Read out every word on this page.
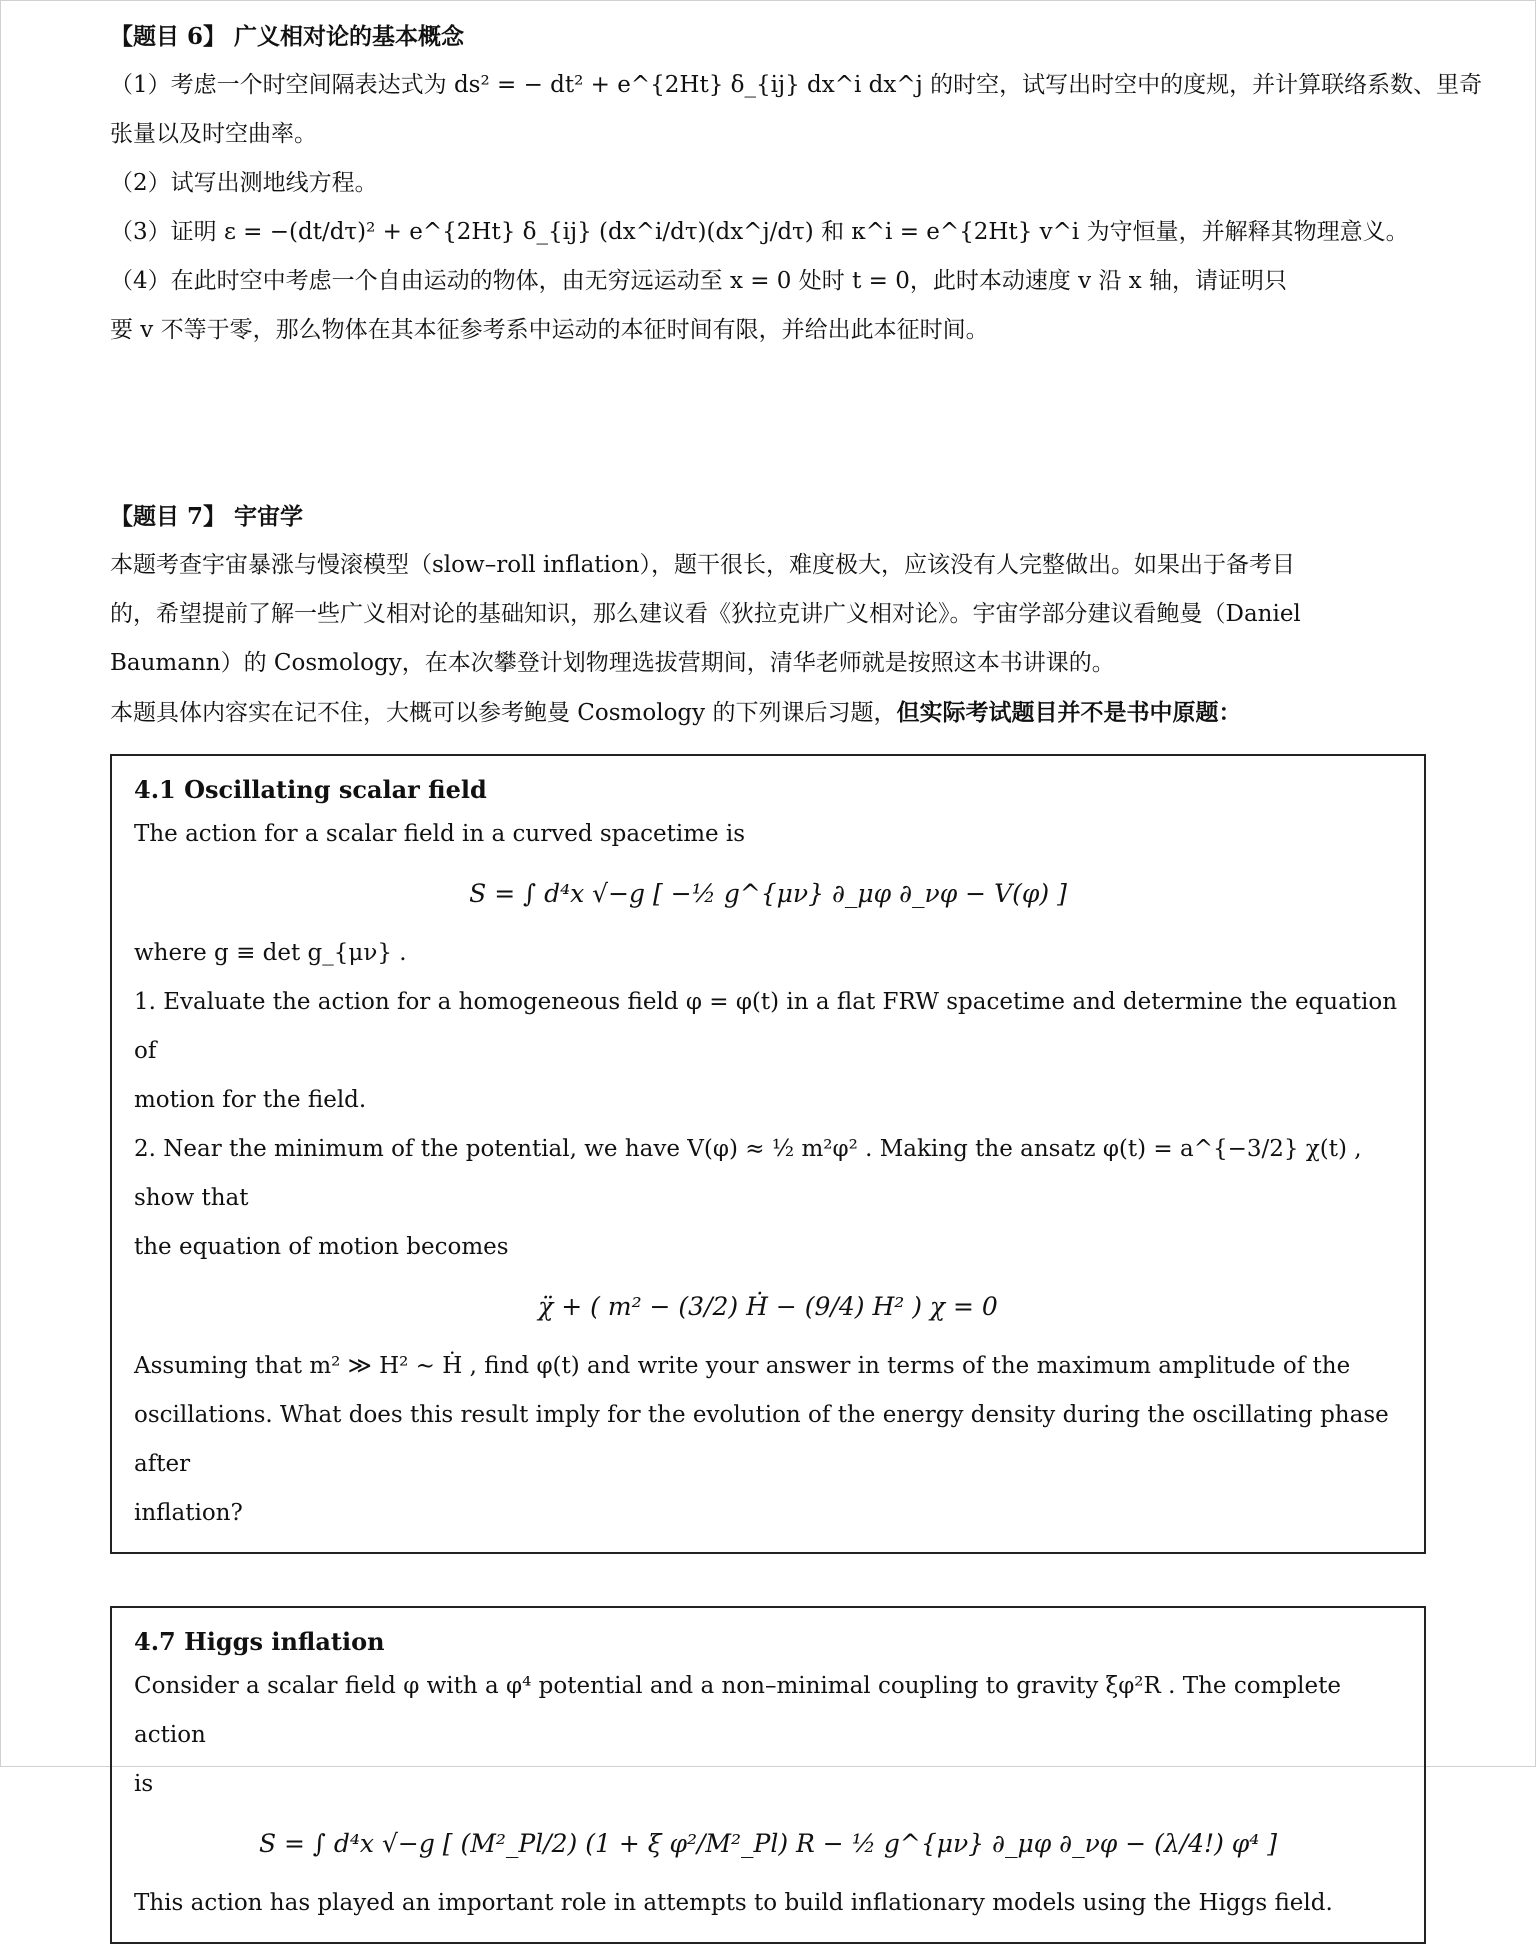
【题目 6】 广义相对论的基本概念
（1）考虑一个时空间隔表达式为 ds² = − dt² + e^{2Ht} δ_{ij} dx^i dx^j 的时空，试写出时空中的度规，并计算联络系数、里奇
张量以及时空曲率。
（2）试写出测地线方程。
（3）证明 ε = −(dt/dτ)² + e^{2Ht} δ_{ij} (dx^i/dτ)(dx^j/dτ) 和 κ^i = e^{2Ht} v^i 为守恒量，并解释其物理意义。
（4）在此时空中考虑一个自由运动的物体，由无穷远运动至 x = 0 处时 t = 0，此时本动速度 v 沿 x 轴，请证明只
要 v 不等于零，那么物体在其本征参考系中运动的本征时间有限，并给出此本征时间。
【题目 7】 宇宙学
本题考查宇宙暴涨与慢滚模型（slow–roll inflation），题干很长，难度极大，应该没有人完整做出。如果出于备考目
的，希望提前了解一些广义相对论的基础知识，那么建议看《狄拉克讲广义相对论》。宇宙学部分建议看鲍曼（Daniel
Baumann）的 Cosmology，在本次攀登计划物理选拔营期间，清华老师就是按照这本书讲课的。
本题具体内容实在记不住，大概可以参考鲍曼 Cosmology 的下列课后习题，但实际考试题目并不是书中原题：
4.1 Oscillating scalar field
The action for a scalar field in a curved spacetime is
S = ∫ d⁴x √−g [ −½ g^{μν} ∂_μφ ∂_νφ − V(φ) ]
where g ≡ det g_{μν} .
1. Evaluate the action for a homogeneous field φ = φ(t) in a flat FRW spacetime and determine the equation of
motion for the field.
2. Near the minimum of the potential, we have V(φ) ≈ ½ m²φ² . Making the ansatz φ(t) = a^{−3/2} χ(t) , show that
the equation of motion becomes
χ̈ + ( m² − (3/2) Ḣ − (9/4) H² ) χ = 0
Assuming that m² ≫ H² ∼ Ḣ , find φ(t) and write your answer in terms of the maximum amplitude of the
oscillations. What does this result imply for the evolution of the energy density during the oscillating phase after
inflation?
4.7 Higgs inflation
Consider a scalar field φ with a φ⁴ potential and a non–minimal coupling to gravity ξφ²R . The complete action
is
S = ∫ d⁴x √−g [ (M²_Pl/2) (1 + ξ φ²/M²_Pl) R − ½ g^{μν} ∂_μφ ∂_νφ − (λ/4!) φ⁴ ]
This action has played an important role in attempts to build inflationary models using the Higgs field.
